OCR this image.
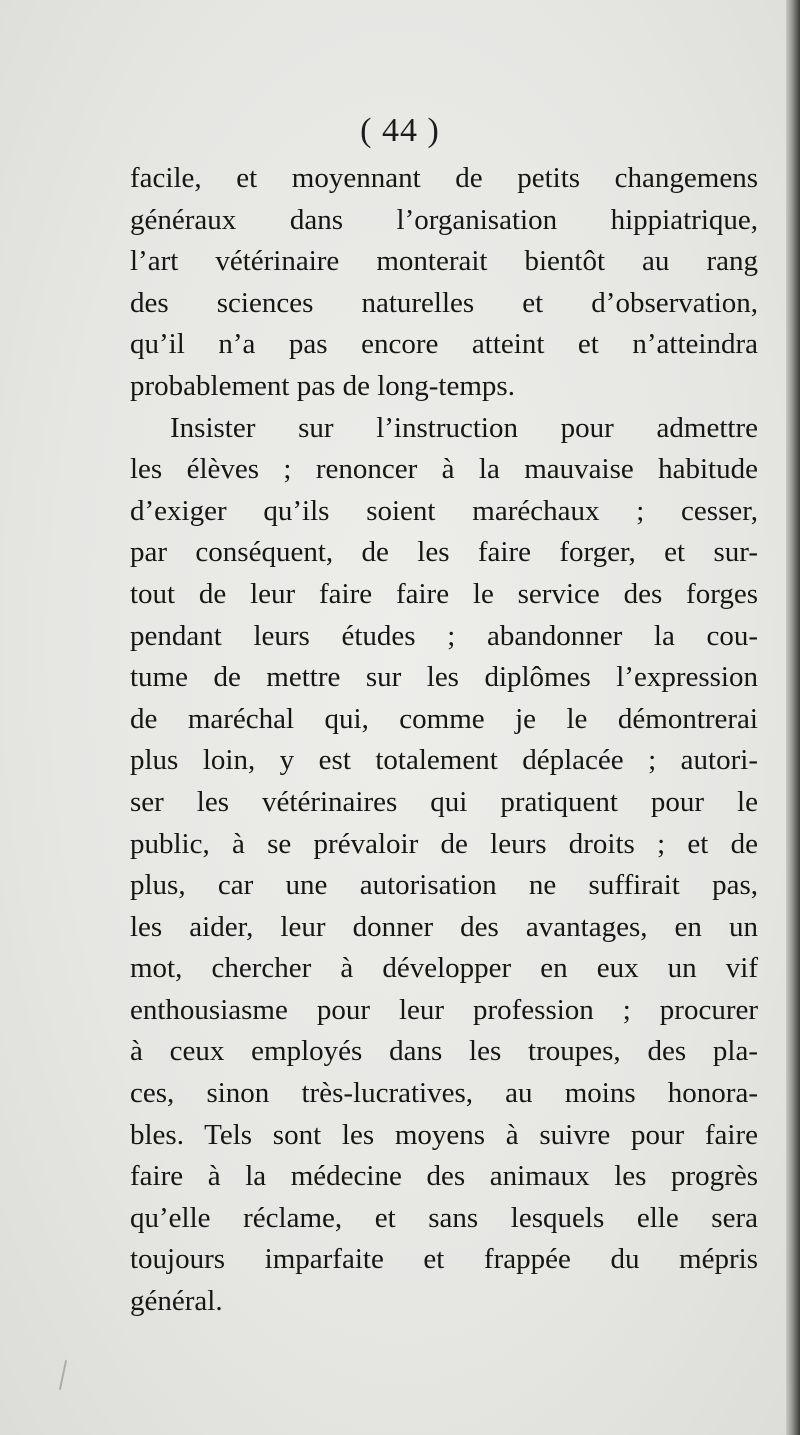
( 44 )
facile, et moyennant de petits changemens
généraux dans l’organisation hippiatrique,
l’art vétérinaire monterait bientôt au rang
des sciences naturelles et d’observation,
qu’il n’a pas encore atteint et n’atteindra
probablement pas de long-temps.
Insister sur l’instruction pour admettre
les élèves ; renoncer à la mauvaise habitude
d’exiger qu’ils soient maréchaux ; cesser,
par conséquent, de les faire forger, et sur-
tout de leur faire faire le service des forges
pendant leurs études ; abandonner la cou-
tume de mettre sur les diplômes l’expression
de maréchal qui, comme je le démontrerai
plus loin, y est totalement déplacée ; autori-
ser les vétérinaires qui pratiquent pour le
public, à se prévaloir de leurs droits ; et de
plus, car une autorisation ne suffirait pas,
les aider, leur donner des avantages, en un
mot, chercher à développer en eux un vif
enthousiasme pour leur profession ; procurer
à ceux employés dans les troupes, des pla-
ces, sinon très-lucratives, au moins honora-
bles. Tels sont les moyens à suivre pour faire
faire à la médecine des animaux les progrès
qu’elle réclame, et sans lesquels elle sera
toujours imparfaite et frappée du mépris
général.
